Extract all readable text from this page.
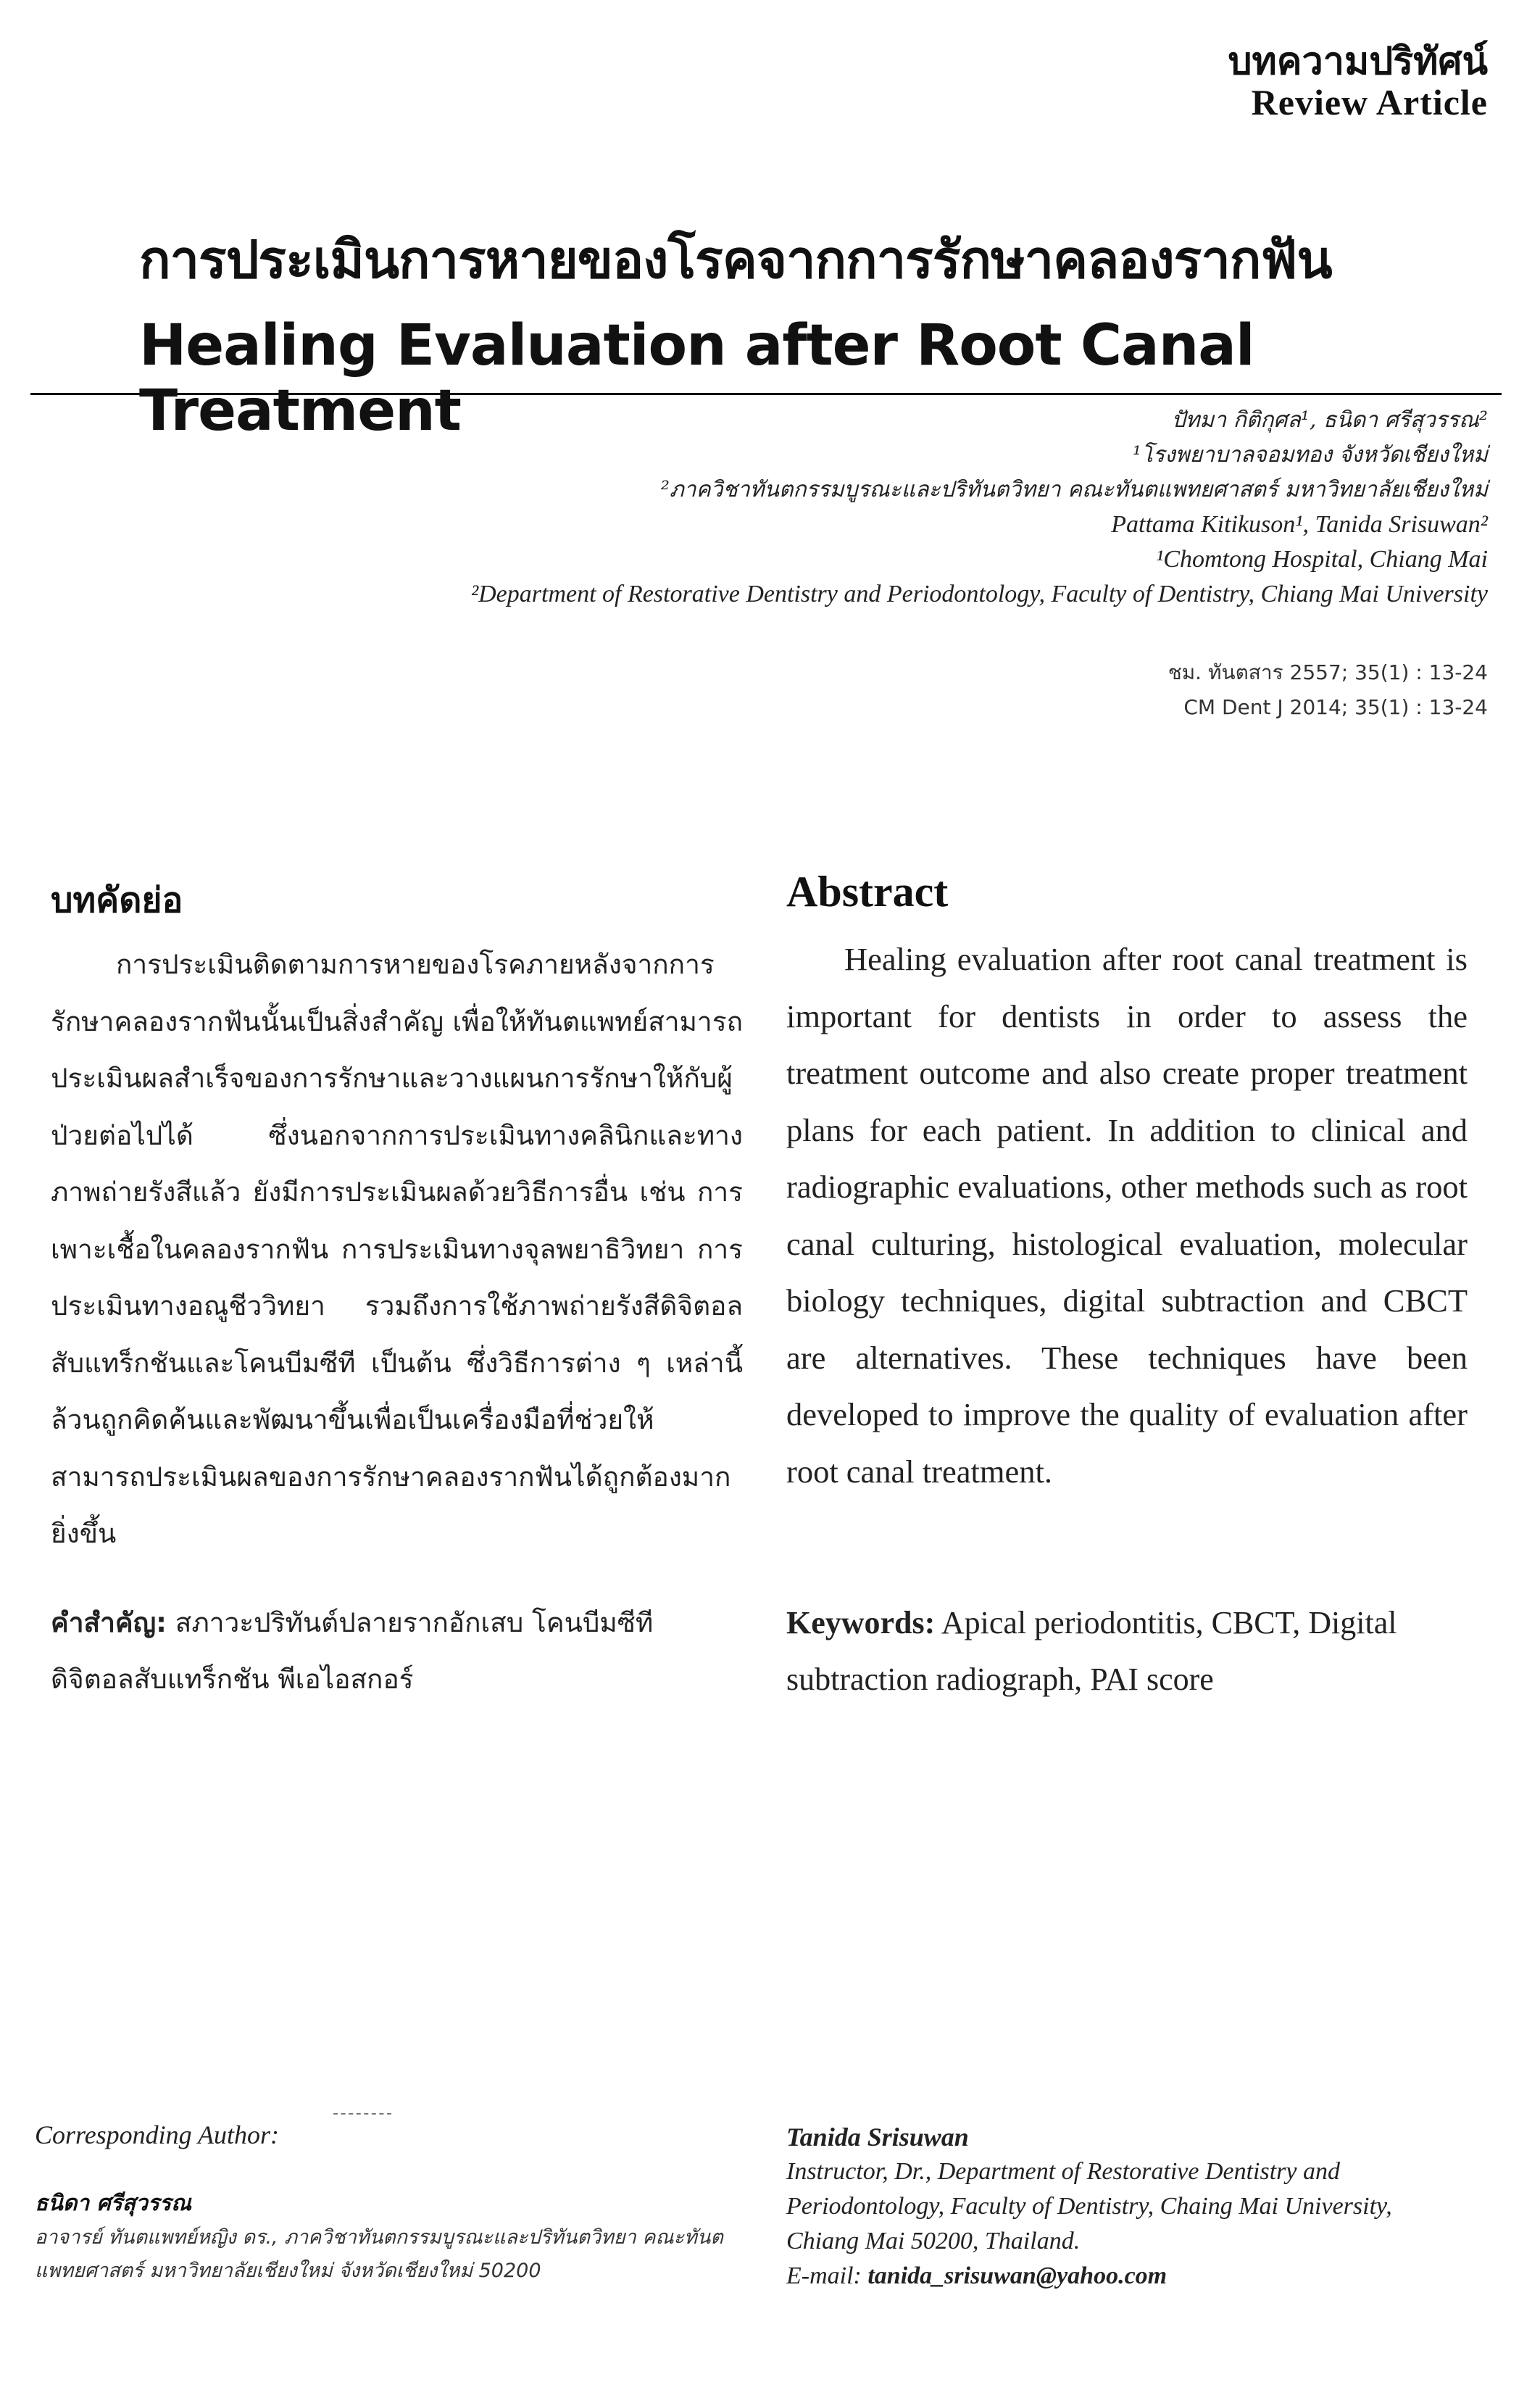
บทความปริทัศน์
Review Article
การประเมินการหายของโรคจากการรักษาคลองรากฟัน
Healing Evaluation after Root Canal Treatment	ปัทมา กิติกุศล¹, ธนิดา ศรีสุวรรณ²
¹โรงพยาบาลจอมทอง จังหวัดเชียงใหม่
²ภาควิชาทันตกรรมบูรณะและปริทันตวิทยา คณะทันตแพทยศาสตร์ มหาวิทยาลัยเชียงใหม่
Pattama Kitikuson¹, Tanida Srisuwan²
¹Chomtong Hospital, Chiang Mai
²Department of Restorative Dentistry and Periodontology, Faculty of Dentistry, Chiang Mai University
ชม. ทันตสาร 2557; 35(1) : 13-24
CM Dent J 2014; 35(1) : 13-24
บทคัดย่อ
การประเมินติดตามการหายของโรคภายหลังจากการรักษาคลองรากฟันนั้นเป็นสิ่งสำคัญ เพื่อให้ทันตแพทย์สามารถประเมินผลสำเร็จของการรักษาและวางแผนการรักษาให้กับผู้ป่วยต่อไปได้ ซึ่งนอกจากการประเมินทางคลินิกและทางภาพถ่ายรังสีแล้ว ยังมีการประเมินผลด้วยวิธีการอื่น เช่น การเพาะเชื้อในคลองรากฟัน การประเมินทางจุลพยาธิวิทยา การประเมินทางอณูชีววิทยา รวมถึงการใช้ภาพถ่ายรังสีดิจิตอลสับแทร็กชันและโคนบีมซีที เป็นต้น ซึ่งวิธีการต่าง ๆ เหล่านี้ ล้วนถูกคิดค้นและพัฒนาขึ้นเพื่อเป็นเครื่องมือที่ช่วยให้สามารถประเมินผลของการรักษาคลองรากฟันได้ถูกต้องมากยิ่งขึ้น
Abstract
Healing evaluation after root canal treatment is important for dentists in order to assess the treatment outcome and also create proper treatment plans for each patient. In addition to clinical and radiographic evaluations, other methods such as root canal culturing, histological evaluation, molecular biology techniques, digital subtraction and CBCT are alternatives. These techniques have been developed to improve the quality of evaluation after root canal treatment.
คำสำคัญ: สภาวะปริทันต์ปลายรากอักเสบ โคนบีมซีที ดิจิตอลสับแทร็กชัน พีเอไอสกอร์
Keywords: Apical periodontitis, CBCT, Digital subtraction radiograph, PAI score
Corresponding Author:
ธนิดา ศรีสุวรรณ
อาจารย์ ทันตแพทย์หญิง ดร., ภาควิชาทันตกรรมบูรณะและปริทันตวิทยา คณะทันตแพทยศาสตร์ มหาวิทยาลัยเชียงใหม่ จังหวัดเชียงใหม่ 50200
Tanida Srisuwan
Instructor, Dr., Department of Restorative Dentistry and
Periodontology, Faculty of Dentistry, Chaing Mai University,
Chiang Mai 50200, Thailand.
E-mail: tanida_srisuwan@yahoo.com
